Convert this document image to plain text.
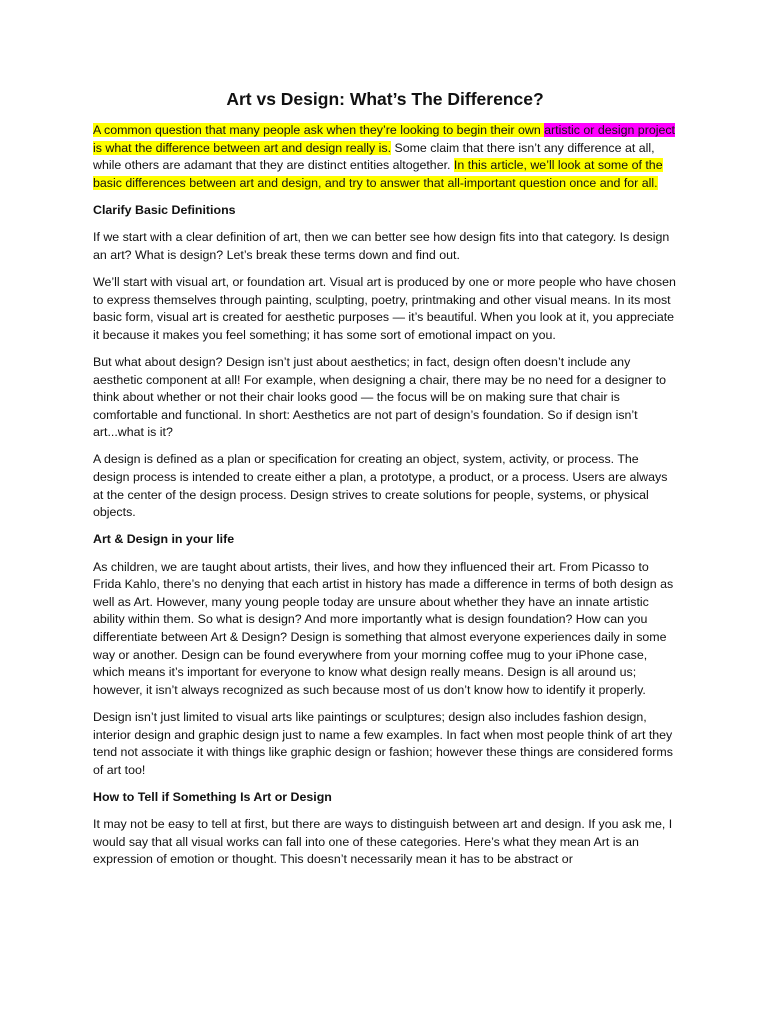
Art vs Design: What’s The Difference?

A common question that many people ask when they’re looking to begin their own artistic or design project is what the difference between art and design really is. Some claim that there isn’t any difference at all, while others are adamant that they are distinct entities altogether. In this article, we’ll look at some of the basic differences between art and design, and try to answer that all-important question once and for all.

Clarify Basic Definitions

If we start with a clear definition of art, then we can better see how design fits into that category. Is design an art? What is design? Let’s break these terms down and find out.

We’ll start with visual art, or foundation art. Visual art is produced by one or more people who have chosen to express themselves through painting, sculpting, poetry, printmaking and other visual means. In its most basic form, visual art is created for aesthetic purposes — it’s beautiful. When you look at it, you appreciate it because it makes you feel something; it has some sort of emotional impact on you.

But what about design? Design isn’t just about aesthetics; in fact, design often doesn’t include any aesthetic component at all! For example, when designing a chair, there may be no need for a designer to think about whether or not their chair looks good — the focus will be on making sure that chair is comfortable and functional. In short: Aesthetics are not part of design’s foundation. So if design isn’t art...what is it?

A design is defined as a plan or specification for creating an object, system, activity, or process. The design process is intended to create either a plan, a prototype, a product, or a process. Users are always at the center of the design process. Design strives to create solutions for people, systems, or physical objects.

Art & Design in your life

As children, we are taught about artists, their lives, and how they influenced their art. From Picasso to Frida Kahlo, there’s no denying that each artist in history has made a difference in terms of both design as well as Art. However, many young people today are unsure about whether they have an innate artistic ability within them. So what is design? And more importantly what is design foundation? How can you differentiate between Art & Design? Design is something that almost everyone experiences daily in some way or another. Design can be found everywhere from your morning coffee mug to your iPhone case, which means it’s important for everyone to know what design really means. Design is all around us; however, it isn’t always recognized as such because most of us don’t know how to identify it properly.

Design isn’t just limited to visual arts like paintings or sculptures; design also includes fashion design, interior design and graphic design just to name a few examples. In fact when most people think of art they tend not associate it with things like graphic design or fashion; however these things are considered forms of art too!

How to Tell if Something Is Art or Design

It may not be easy to tell at first, but there are ways to distinguish between art and design. If you ask me, I would say that all visual works can fall into one of these categories. Here’s what they mean Art is an expression of emotion or thought. This doesn’t necessarily mean it has to be abstract or
